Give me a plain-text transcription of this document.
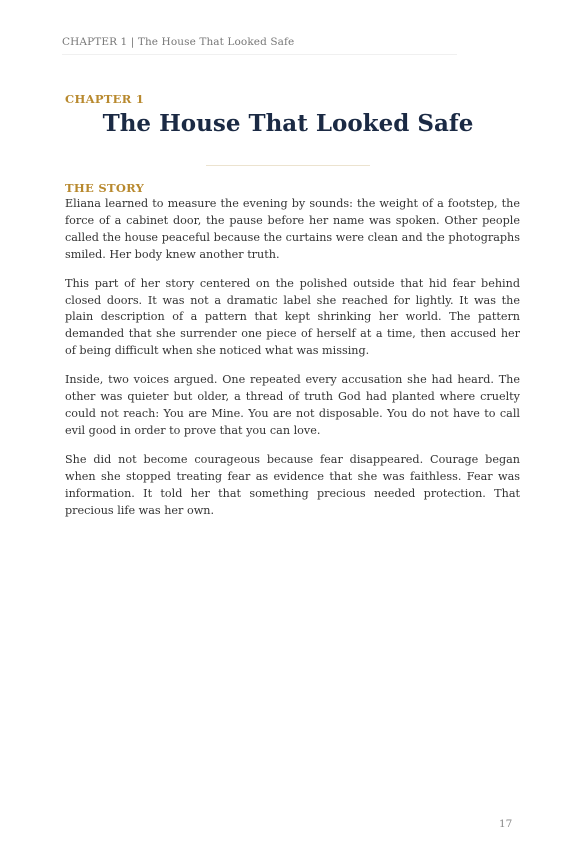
CHAPTER 1 | The House That Looked Safe
CHAPTER 1
The House That Looked Safe
THE STORY

Eliana learned to measure the evening by sounds: the weight of a footstep, the force of a cabinet door, the pause before her name was spoken. Other people called the house peaceful because the curtains were clean and the photographs smiled. Her body knew another truth.

This part of her story centered on the polished outside that hid fear behind closed doors. It was not a dramatic label she reached for lightly. It was the plain description of a pattern that kept shrinking her world. The pattern demanded that she surrender one piece of herself at a time, then accused her of being difficult when she noticed what was missing.

Inside, two voices argued. One repeated every accusation she had heard. The other was quieter but older, a thread of truth God had planted where cruelty could not reach: You are Mine. You are not disposable. You do not have to call evil good in order to prove that you can love.

She did not become courageous because fear disappeared. Courage began when she stopped treating fear as evidence that she was faithless. Fear was information. It told her that something precious needed protection. That precious life was her own.

17
